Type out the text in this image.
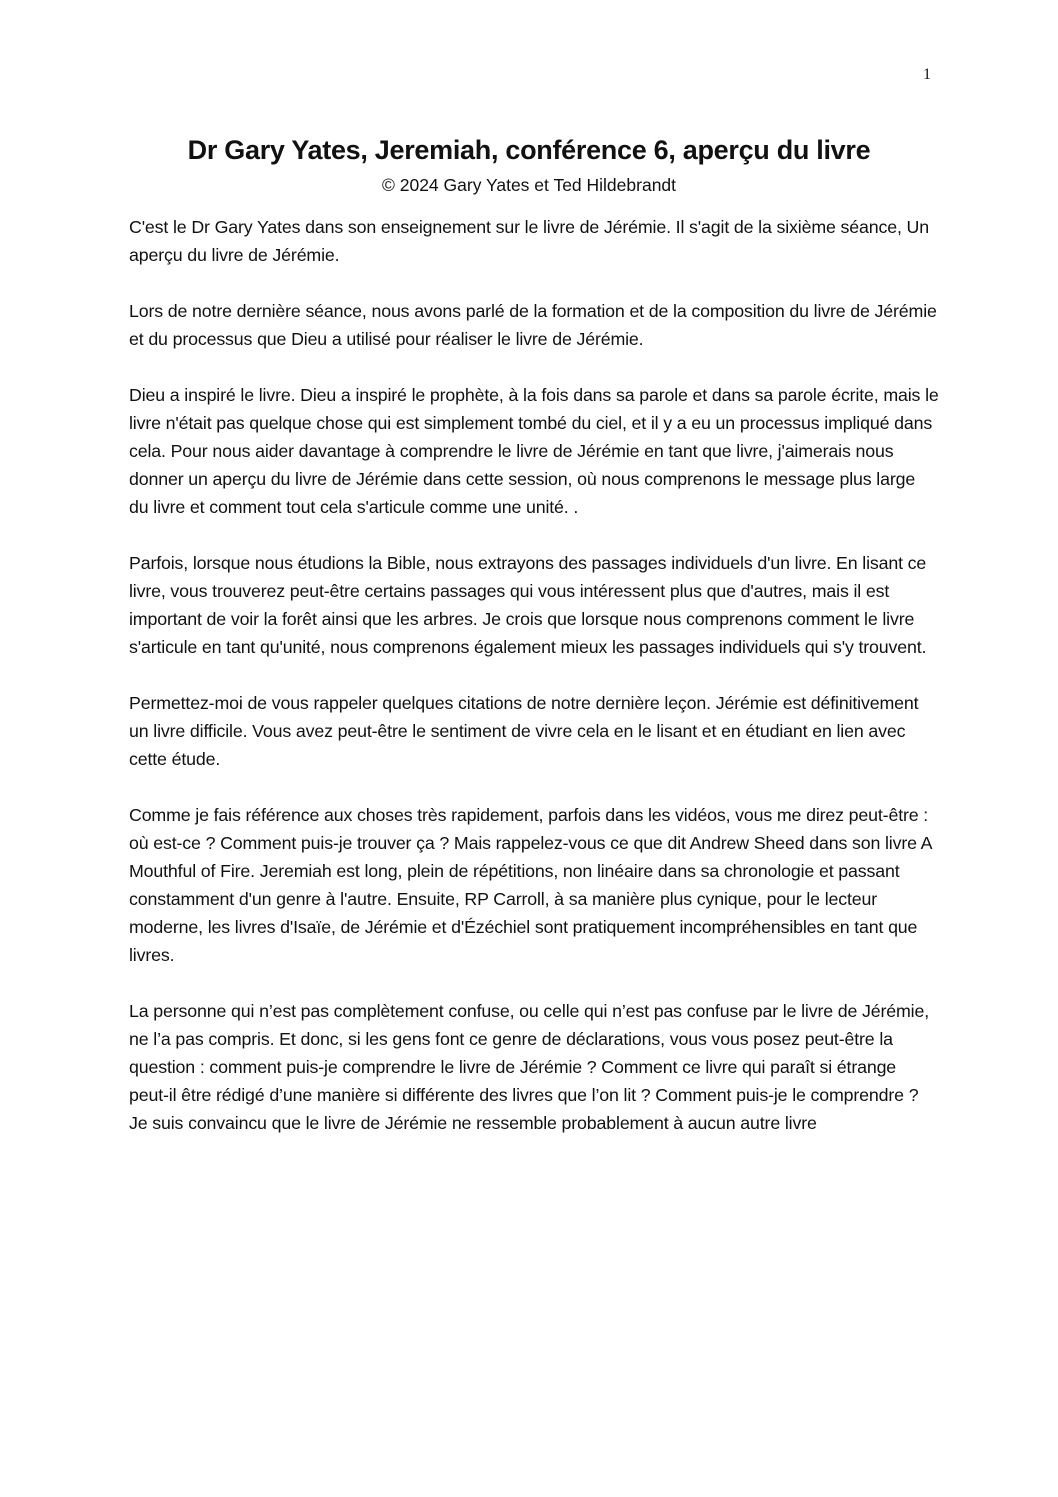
1
Dr Gary Yates, Jeremiah, conférence 6, aperçu du livre
© 2024 Gary Yates et Ted Hildebrandt

C'est le Dr Gary Yates dans son enseignement sur le livre de Jérémie. Il s'agit de la sixième séance, Un aperçu du livre de Jérémie.

Lors de notre dernière séance, nous avons parlé de la formation et de la composition du livre de Jérémie et du processus que Dieu a utilisé pour réaliser le livre de Jérémie.

Dieu a inspiré le livre. Dieu a inspiré le prophète, à la fois dans sa parole et dans sa parole écrite, mais le livre n'était pas quelque chose qui est simplement tombé du ciel, et il y a eu un processus impliqué dans cela. Pour nous aider davantage à comprendre le livre de Jérémie en tant que livre, j'aimerais nous donner un aperçu du livre de Jérémie dans cette session, où nous comprenons le message plus large du livre et comment tout cela s'articule comme une unité. .

Parfois, lorsque nous étudions la Bible, nous extrayons des passages individuels d'un livre. En lisant ce livre, vous trouverez peut-être certains passages qui vous intéressent plus que d'autres, mais il est important de voir la forêt ainsi que les arbres. Je crois que lorsque nous comprenons comment le livre s'articule en tant qu'unité, nous comprenons également mieux les passages individuels qui s'y trouvent.

Permettez-moi de vous rappeler quelques citations de notre dernière leçon. Jérémie est définitivement un livre difficile. Vous avez peut-être le sentiment de vivre cela en le lisant et en étudiant en lien avec cette étude.

Comme je fais référence aux choses très rapidement, parfois dans les vidéos, vous me direz peut-être : où est-ce ? Comment puis-je trouver ça ? Mais rappelez-vous ce que dit Andrew Sheed dans son livre A Mouthful of Fire. Jeremiah est long, plein de répétitions, non linéaire dans sa chronologie et passant constamment d'un genre à l'autre. Ensuite, RP Carroll, à sa manière plus cynique, pour le lecteur moderne, les livres d'Isaïe, de Jérémie et d'Ézéchiel sont pratiquement incompréhensibles en tant que livres.

La personne qui n’est pas complètement confuse, ou celle qui n’est pas confuse par le livre de Jérémie, ne l’a pas compris. Et donc, si les gens font ce genre de déclarations, vous vous posez peut-être la question : comment puis-je comprendre le livre de Jérémie ? Comment ce livre qui paraît si étrange peut-il être rédigé d’une manière si différente des livres que l’on lit ? Comment puis-je le comprendre ? Je suis convaincu que le livre de Jérémie ne ressemble probablement à aucun autre livre
